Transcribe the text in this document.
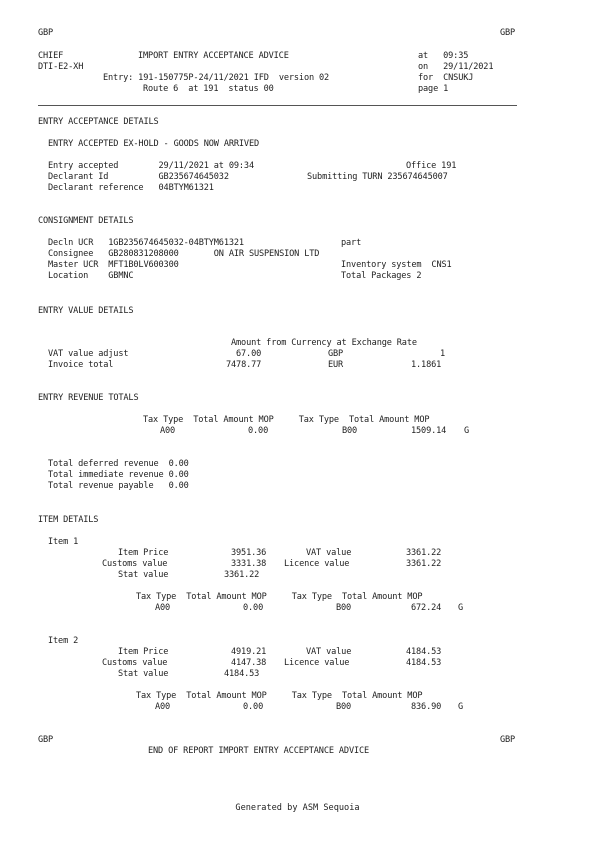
GBP	GBP
CHIEF	IMPORT ENTRY ACCEPTANCE ADVICE	at   09:35
DTI-E2-XH	on   29/11/2021
Entry: 191-150775P-24/11/2021 IFD  version 02	for  CNSUKJ
Route 6  at 191  status 00	page 1
ENTRY ACCEPTANCE DETAILS
ENTRY ACCEPTED EX-HOLD - GOODS NOW ARRIVED
Entry accepted        29/11/2021 at 09:34	Office 191
Declarant Id          GB235674645032	Submitting TURN 235674645007
Declarant reference   04BTYM61321
CONSIGNMENT DETAILS
Decln UCR   1GB235674645032-04BTYM61321	part
Consignee   GB280831208000       ON AIR SUSPENSION LTD
Master UCR  MFT1B0LV600300	Inventory system  CNS1
Location    GBMNC	Total Packages 2
ENTRY VALUE DETAILS
Amount from Currency at Exchange Rate
VAT value adjust	67.00	GBP	1
Invoice total	7478.77	EUR	1.1861
ENTRY REVENUE TOTALS
Tax Type  Total Amount MOP     Tax Type  Total Amount MOP
A00	0.00	B00	1509.14 G
Total deferred revenue  0.00
Total immediate revenue 0.00
Total revenue payable   0.00
ITEM DETAILS
Item 1
Item Price	3951.36	VAT value	3361.22
Customs value	3331.38 Licence value	3361.22
Stat value	3361.22
Tax Type  Total Amount MOP     Tax Type  Total Amount MOP
A00	0.00	B00	672.24 G
Item 2
Item Price	4919.21	VAT value	4184.53
Customs value	4147.38 Licence value	4184.53
Stat value	4184.53
Tax Type  Total Amount MOP     Tax Type  Total Amount MOP
A00	0.00	B00	836.90 G
GBP	GBP
END OF REPORT IMPORT ENTRY ACCEPTANCE ADVICE
Generated by ASM Sequoia
